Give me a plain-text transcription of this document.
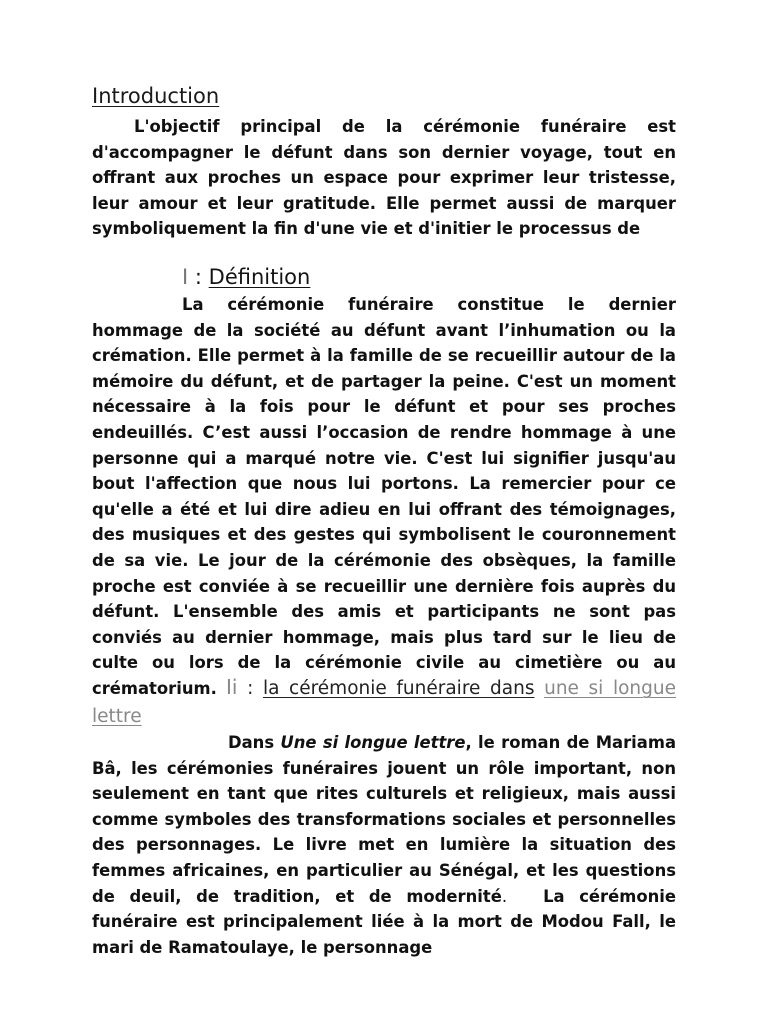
Introduction

L'objectif principal de la cérémonie funéraire est d'accompagner le défunt dans son dernier voyage, tout en offrant aux proches un espace pour exprimer leur tristesse, leur amour et leur gratitude. Elle permet aussi de marquer symboliquement la fin d'une vie et d'initier le processus de

I : Définition

La cérémonie funéraire constitue le dernier hommage de la société au défunt avant l’inhumation ou la crémation. Elle permet à la famille de se recueillir autour de la mémoire du défunt, et de partager la peine. C'est un moment nécessaire à la fois pour le défunt et pour ses proches endeuillés. C’est aussi l’occasion de rendre hommage à une personne qui a marqué notre vie. C'est lui signifier jusqu'au bout l'affection que nous lui portons. La remercier pour ce qu'elle a été et lui dire adieu en lui offrant des témoignages, des musiques et des gestes qui symbolisent le couronnement de sa vie. Le jour de la cérémonie des obsèques, la famille proche est conviée à se recueillir une dernière fois auprès du défunt. L'ensemble des amis et participants ne sont pas conviés au dernier hommage, mais plus tard sur le lieu de culte ou lors de la cérémonie civile au cimetière ou au crématorium. Ii : la cérémonie funéraire dans une si longue lettre

Dans Une si longue lettre, le roman de Mariama Bâ, les cérémonies funéraires jouent un rôle important, non seulement en tant que rites culturels et religieux, mais aussi comme symboles des transformations sociales et personnelles des personnages. Le livre met en lumière la situation des femmes africaines, en particulier au Sénégal, et les questions de deuil, de tradition, et de modernité. La cérémonie funéraire est principalement liée à la mort de Modou Fall, le mari de Ramatoulaye, le personnage
